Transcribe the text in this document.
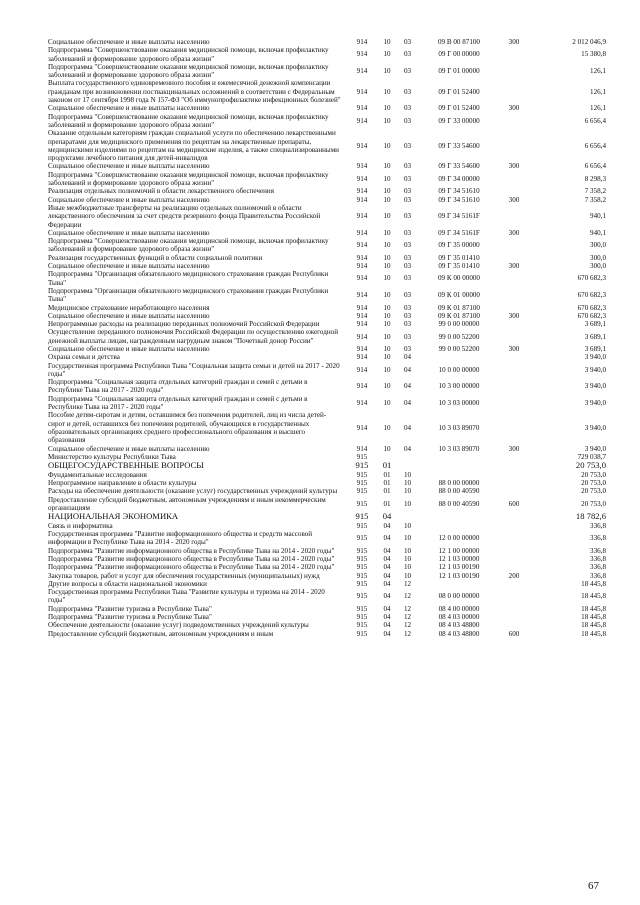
Социальное обеспечение и иные выплаты населению	914	10	03	09 В 00 87100	300	2 012 046,9
Подпрограмма "Совершенствование оказания медицинской помощи, включая профилактику заболеваний и формирование здорового образа жизни"
914	10	03	09 Г 00 00000	15 380,8
Подпрограмма "Совершенствование оказания медицинской помощи, включая профилактику заболеваний и формирование здорового образа жизни"
914	10	03	09 Г 01 00000	126,1
Выплата государственного единовременного пособия и ежемесячной денежной компенсации гражданам при возникновении поствакцинальных осложнений в соответствии с Федеральным законом от 17 сентября 1998 года N 157-ФЗ "Об иммунопрофилактике инфекционных болезней"
914	10	03	09 Г 01 52400	126,1
Социальное обеспечение и иные выплаты населению	914	10	03	09 Г 01 52400	300	126,1
Подпрограмма "Совершенствование оказания медицинской помощи, включая профилактику заболеваний и формирование здорового образа жизни"
914	10	03	09 Г 33 00000	6 656,4
Оказание отдельным категориям граждан социальной услуги по обеспечению лекарственными препаратами для медицинского применения по рецептам на лекарственные препараты, медицинскими изделиями по рецептам на медицинские изделия, а также специализированными продуктами лечебного питания для детей-инвалидов
914	10	03	09 Г 33 54600	6 656,4
Социальное обеспечение и иные выплаты населению	914	10	03	09 Г 33 54600	300	6 656,4
Подпрограмма "Совершенствование оказания медицинской помощи, включая профилактику заболеваний и формирование здорового образа жизни"
914	10	03	09 Г 34 00000	8 298,3
Реализация отдельных полномочий в области лекарственного обеспечения	914	10	03	09 Г 34 51610	7 358,2
Социальное обеспечение и иные выплаты населению	914	10	03	09 Г 34 51610	300	7 358,2
Иные межбюджетные трансферты на реализацию отдельных полномочий в области лекарственного обеспечения за счет средств резервного фонда Правительства Российской Федерации
914	10	03	09 Г 34 5161F	940,1
Социальное обеспечение и иные выплаты населению	914	10	03	09 Г 34 5161F	300	940,1
Подпрограмма "Совершенствование оказания медицинской помощи, включая профилактику заболеваний и формирование здорового образа жизни"
914	10	03	09 Г 35 00000	300,0
Реализация государственных функций в области социальной политики	914	10	03	09 Г 35 01410	300,0
Социальное обеспечение и иные выплаты населению	914	10	03	09 Г 35 01410	300	300,0
Подпрограмма "Организация обязательного медицинского страхования граждан Республики Тыва"
914	10	03	09 К 00 00000	670 682,3
Подпрограмма "Организация обязательного медицинского страхования граждан Республики Тыва"
914	10	03	09 К 01 00000	670 682,3
Медицинское страхование неработающего населения	914	10	03	09 К 01 87100	670 682,3
Социальное обеспечение и иные выплаты населению	914	10	03	09 К 01 87100	300	670 682,3
Непрограммные расходы на реализацию переданных полномочий Российской Федерации	914	10	03	99 0 00 00000	3 689,1
Осуществление переданного полномочия Российской Федерации по осуществлению ежегодной денежной выплаты лицам, награжденным нагрудным знаком "Почетный донор России"
914	10	03	99 0 00 52200	3 689,1
Социальное обеспечение и иные выплаты населению	914	10	03	99 0 00 52200	300	3 689,1
Охрана семьи и детства	914	10	04	3 940,0
Государственная программа Республики Тыва "Социальная защита семьи и детей на 2017 - 2020 годы"
914	10	04	10 0 00 00000	3 940,0
Подпрограмма "Социальная защита отдельных категорий граждан и семей с детьми в Республике Тыва на 2017 - 2020 годы"
914	10	04	10 3 00 00000	3 940,0
Подпрограмма "Социальная защита отдельных категорий граждан и семей с детьми в Республике Тыва на 2017 - 2020 годы"
914	10	04	10 3 03 00000	3 940,0
Пособие детям-сиротам и детям, оставшимся без попечения родителей, лиц из числа детей-сирот и детей, оставшихся без попечения родителей, обучающихся в государственных образовательных организациях среднего профессионального образования и высшего образования
914	10	04	10 3 03 89070	3 940,0
Социальное обеспечение и иные выплаты населению	914	10	04	10 3 03 89070	300	3 940,0
Министерство культуры Республики Тыва	915	729 038,7
ОБЩЕГОСУДАРСТВЕННЫЕ ВОПРОСЫ	915	01	20 753,0
Фундаментальные исследования	915	01	10	20 753,0
Непрограммное направление в области культуры	915	01	10	88 0 00 00000	20 753,0
Расходы на обеспечение деятельности (оказание услуг) государственных учреждений культуры	915	01	10	88 0 00 40590	20 753,0
Предоставление субсидий бюджетным, автономным учреждениям и иным некоммерческим организациям
915	01	10	88 0 00 40590	600	20 753,0
НАЦИОНАЛЬНАЯ ЭКОНОМИКА	915	04	18 782,6
Связь и информатика	915	04	10	336,8
Государственная программа "Развитие информационного общества и средств массовой информации в Республике Тыва на 2014 - 2020 годы"
915	04	10	12 0 00 00000	336,8
Подпрограмма "Развитие информационного общества в Республике Тыва на 2014 - 2020 годы"	915	04	10	12 1 00 00000	336,8
Подпрограмма "Развитие информационного общества в Республике Тыва на 2014 - 2020 годы"	915	04	10	12 1 03 00000	336,8
Подпрограмма "Развитие информационного общества в Республике Тыва на 2014 - 2020 годы"	915	04	10	12 1 03 00190	336,8
Закупка товаров, работ и услуг для обеспечения государственных (муниципальных) нужд	915	04	10	12 1 03 00190	200	336,8
Другие вопросы в области национальной экономики	915	04	12	18 445,8
Государственная программа Республики Тыва "Развитие культуры и туризма на 2014 - 2020 годы"
915	04	12	08 0 00 00000	18 445,8
Подпрограмма "Развитие туризма в Республике Тыва"	915	04	12	08 4 00 00000	18 445,8
Подпрограмма "Развитие туризма в Республике Тыва"	915	04	12	08 4 03 00000	18 445,8
Обеспечение деятельности (оказание услуг) подведомственных учреждений культуры	915	04	12	08 4 03 48800	18 445,8
Предоставление субсидий бюджетным, автономным учреждениям и иным	915	04	12	08 4 03 48800	600	18 445,8
67
